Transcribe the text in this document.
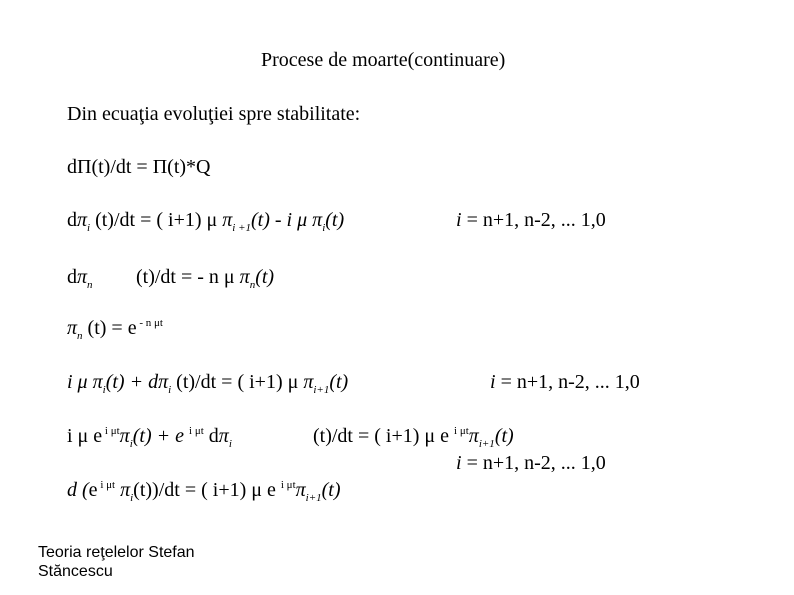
Procese de moarte(continuare)
Din ecuaţia evoluţiei spre stabilitate:
dΠ(t)/dt = Π(t)*Q
$d\pi_i$ (t)/dt = ( i+1) μ $\pi_{i +1}(t)$ - i μ $\pi_i(t)$	i = n+1, n-2, ... 1,0
$d\pi_n$ (t)/dt = - n μ $\pi_n(t)$
$\pi_n$ (t) = e $^{- n \mu t}$
i μ $\pi_i(t) + d\pi_i$ (t)/dt = ( i+1) μ $\pi_{i+1}(t)$	i = n+1, n-2, ... 1,0
i μ e $^{i \mu t}\pi_i(t) + e$ $^{i \mu t}$ $d\pi_i$	(t)/dt = ( i+1) μ e $^{i \mu t}\pi_{i+1}(t)$
i = n+1, n-2, ... 1,0
d (e $^{i \mu t}$ $\pi_i(t))/dt$ = ( i+1) μ e $^{i \mu t}\pi_{i+1}(t)$
Teoria reţelelor Stefan
Stăncescu
